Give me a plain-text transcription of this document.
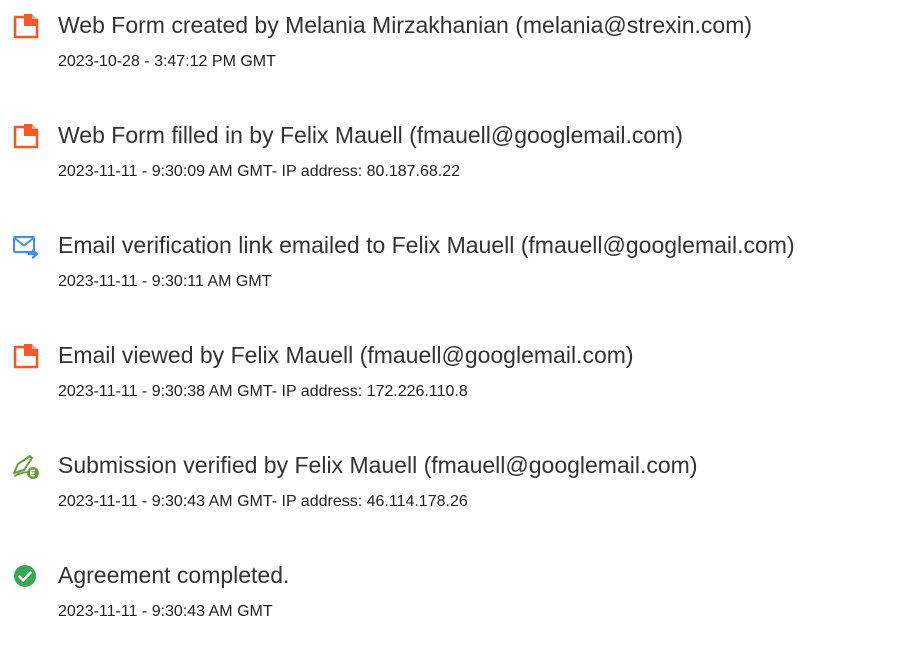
Web Form created by Melania Mirzakhanian (melania@strexin.com)
2023-10-28 - 3:47:12 PM GMT
Web Form filled in by Felix Mauell (fmauell@googlemail.com)
2023-11-11 - 9:30:09 AM GMT- IP address: 80.187.68.22
Email verification link emailed to Felix Mauell (fmauell@googlemail.com)
2023-11-11 - 9:30:11 AM GMT
Email viewed by Felix Mauell (fmauell@googlemail.com)
2023-11-11 - 9:30:38 AM GMT- IP address: 172.226.110.8
Submission verified by Felix Mauell (fmauell@googlemail.com)
2023-11-11 - 9:30:43 AM GMT- IP address: 46.114.178.26
Agreement completed.
2023-11-11 - 9:30:43 AM GMT
